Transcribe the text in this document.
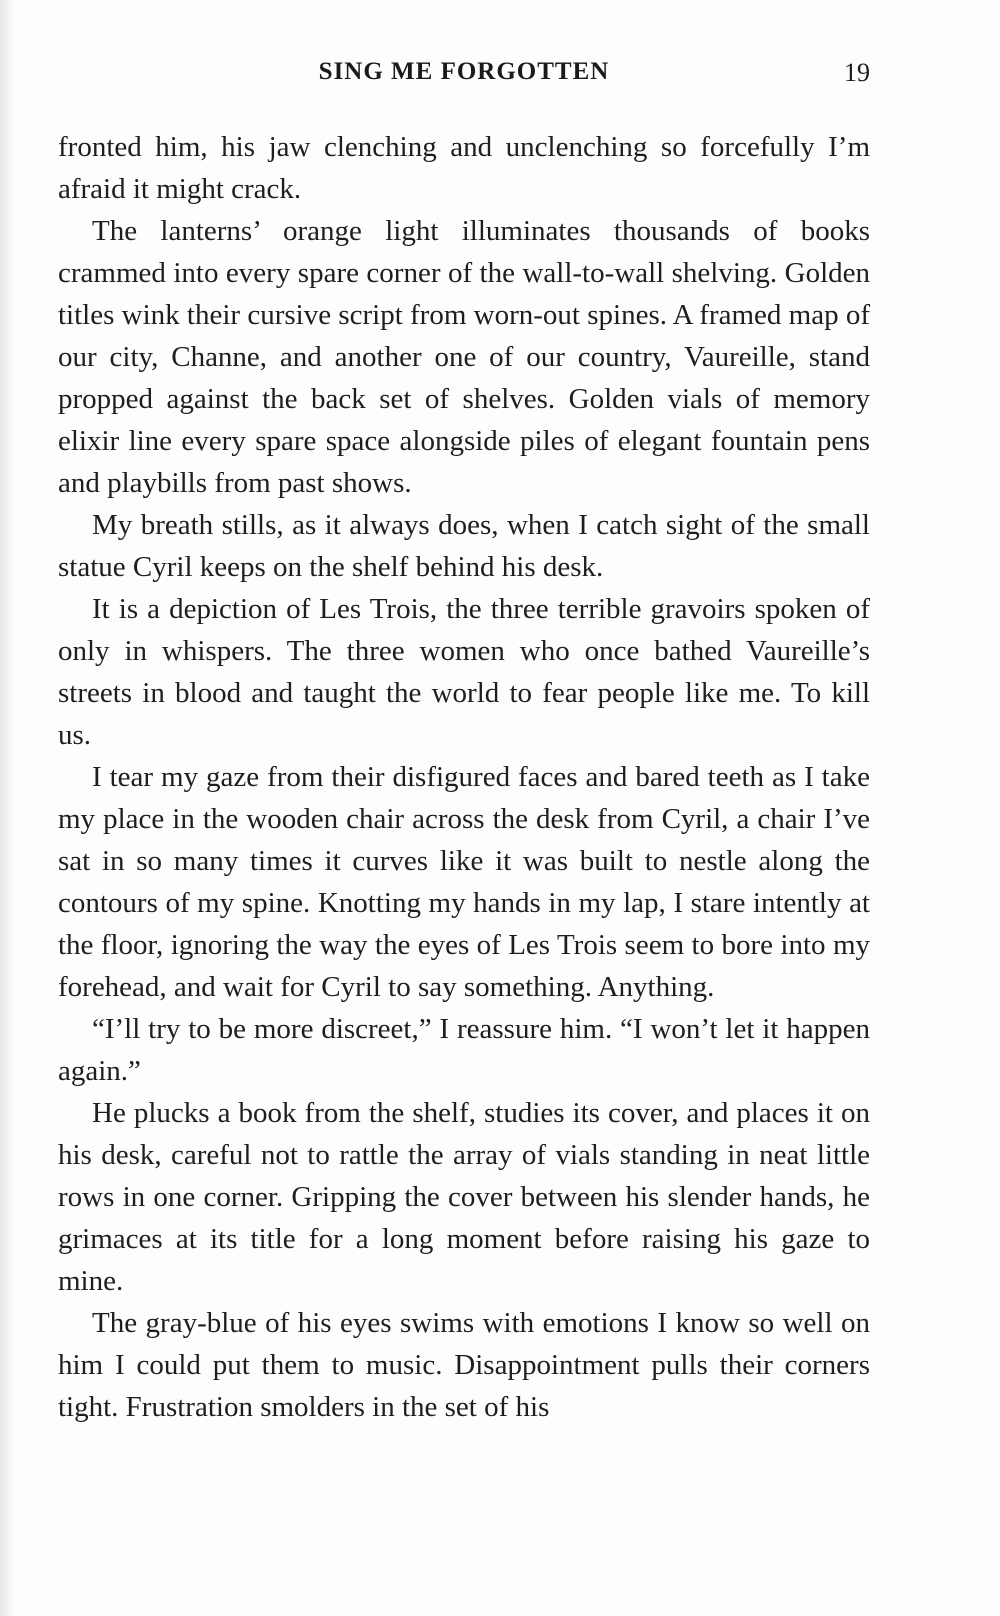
SING ME FORGOTTEN	19

fronted him, his jaw clenching and unclenching so forcefully I’m afraid it might crack.

The lanterns’ orange light illuminates thousands of books crammed into every spare corner of the wall-to-wall shelving. Golden titles wink their cursive script from worn-out spines. A framed map of our city, Channe, and another one of our country, Vaureille, stand propped against the back set of shelves. Golden vials of memory elixir line every spare space alongside piles of elegant fountain pens and playbills from past shows.

My breath stills, as it always does, when I catch sight of the small statue Cyril keeps on the shelf behind his desk.

It is a depiction of Les Trois, the three terrible gravoirs spoken of only in whispers. The three women who once bathed Vaureille’s streets in blood and taught the world to fear people like me. To kill us.

I tear my gaze from their disfigured faces and bared teeth as I take my place in the wooden chair across the desk from Cyril, a chair I’ve sat in so many times it curves like it was built to nestle along the contours of my spine. Knotting my hands in my lap, I stare intently at the floor, ignoring the way the eyes of Les Trois seem to bore into my forehead, and wait for Cyril to say something. Anything.

“I’ll try to be more discreet,” I reassure him. “I won’t let it happen again.”

He plucks a book from the shelf, studies its cover, and places it on his desk, careful not to rattle the array of vials standing in neat little rows in one corner. Gripping the cover between his slender hands, he grimaces at its title for a long moment before raising his gaze to mine.

The gray-blue of his eyes swims with emotions I know so well on him I could put them to music. Disappointment pulls their corners tight. Frustration smolders in the set of his
